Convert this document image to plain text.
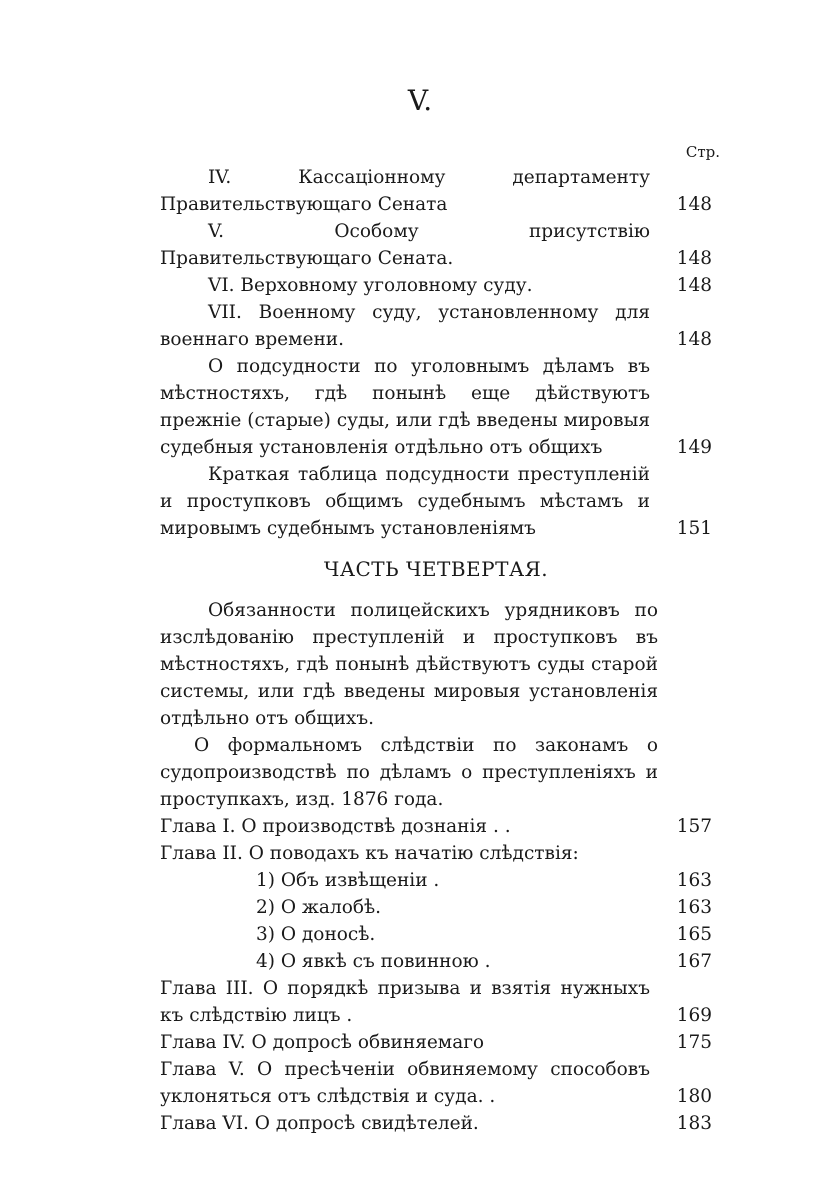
V.
Стр.
IV. Кассаціонному департаменту Правительствующаго Сената	148
V. Особому присутствію Правительствующаго Сената.	148
VI. Верховному уголовному суду.	148
VII. Военному суду, установленному для военнаго времени.	148
О подсудности по уголовнымъ дѣламъ въ мѣстностяхъ, гдѣ понынѣ еще дѣйствуютъ прежніе (старые) суды, или гдѣ введены мировыя судебныя установленія отдѣльно отъ общихъ	149
Краткая таблица подсудности преступленій и проступковъ общимъ судебнымъ мѣстамъ и мировымъ судебнымъ установленіямъ	151
ЧАСТЬ ЧЕТВЕРТАЯ.
Обязанности полицейскихъ урядниковъ по изслѣдованію преступленій и проступковъ въ мѣстностяхъ, гдѣ понынѣ дѣйствуютъ суды старой системы, или гдѣ введены мировыя установленія отдѣльно отъ общихъ.
О формальномъ слѣдствіи по законамъ о судопроизводствѣ по дѣламъ о преступленіяхъ и проступкахъ, изд. 1876 года.
Глава I. О производствѣ дознанія . .	157
Глава II. О поводахъ къ начатію слѣдствія:
1) Объ извѣщеніи .	163
2) О жалобѣ.	163
3) О доносѣ.	165
4) О явкѣ съ повинною .	167
Глава III. О порядкѣ призыва и взятія нужныхъ къ слѣдствію лицъ .	169
Глава IV. О допросѣ обвиняемаго	175
Глава V. О пресѣченіи обвиняемому способовъ уклоняться отъ слѣдствія и суда. .	180
Глава VI. О допросѣ свидѣтелей.	183
